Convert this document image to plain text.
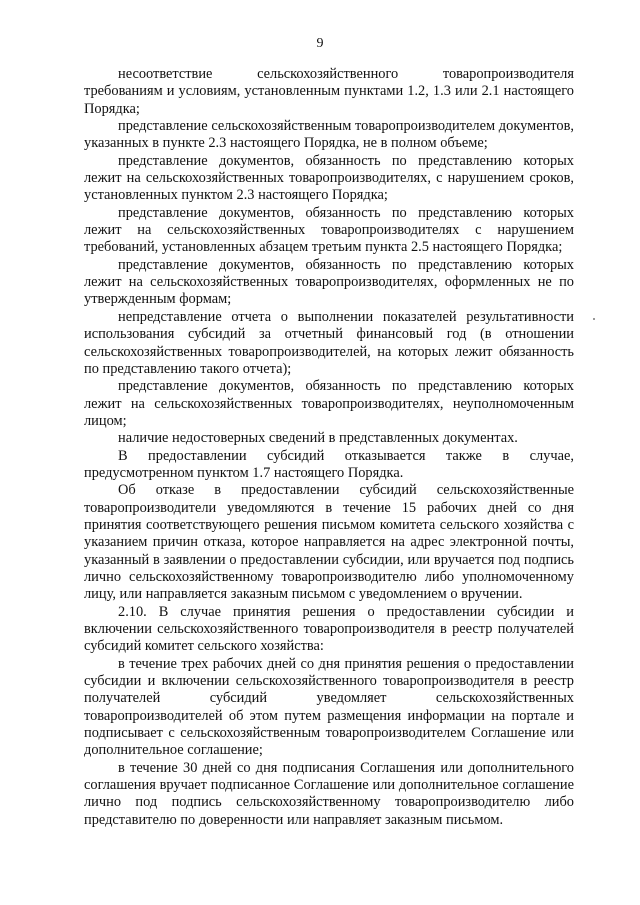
9

несоответствие сельскохозяйственного товаропроизводителя требованиям и условиям, установленным пунктами 1.2, 1.3 или 2.1 настоящего Порядка;

представление сельскохозяйственным товаропроизводителем документов, указанных в пункте 2.3 настоящего Порядка, не в полном объеме;

представление документов, обязанность по представлению которых лежит на сельскохозяйственных товаропроизводителях, с нарушением сроков, установленных пунктом 2.3 настоящего Порядка;

представление документов, обязанность по представлению которых лежит на сельскохозяйственных товаропроизводителях с нарушением требований, установленных абзацем третьим пункта 2.5 настоящего Порядка;

представление документов, обязанность по представлению которых лежит на сельскохозяйственных товаропроизводителях, оформленных не по утвержденным формам;

непредставление отчета о выполнении показателей результативности использования субсидий за отчетный финансовый год (в отношении сельскохозяйственных товаропроизводителей, на которых лежит обязанность по представлению такого отчета);

представление документов, обязанность по представлению которых лежит на сельскохозяйственных товаропроизводителях, неуполномоченным лицом;

наличие недостоверных сведений в представленных документах.

В предоставлении субсидий отказывается также в случае, предусмотренном пунктом 1.7 настоящего Порядка.

Об отказе в предоставлении субсидий сельскохозяйственные товаропроизводители уведомляются в течение 15 рабочих дней со дня принятия соответствующего решения письмом комитета сельского хозяйства с указанием причин отказа, которое направляется на адрес электронной почты, указанный в заявлении о предоставлении субсидии, или вручается под подпись лично сельскохозяйственному товаропроизводителю либо уполномоченному лицу, или направляется заказным письмом с уведомлением о вручении.

2.10. В случае принятия решения о предоставлении субсидии и включении сельскохозяйственного товаропроизводителя в реестр получателей субсидий комитет сельского хозяйства:

в течение трех рабочих дней со дня принятия решения о предоставлении субсидии и включении сельскохозяйственного товаропроизводителя в реестр получателей субсидий уведомляет сельскохозяйственных товаропроизводителей об этом путем размещения информации на портале и подписывает с сельскохозяйственным товаропроизводителем Соглашение или дополнительное соглашение;

в течение 30 дней со дня подписания Соглашения или дополнительного соглашения вручает подписанное Соглашение или дополнительное соглашение лично под подпись сельскохозяйственному товаропроизводителю либо представителю по доверенности или направляет заказным письмом.
